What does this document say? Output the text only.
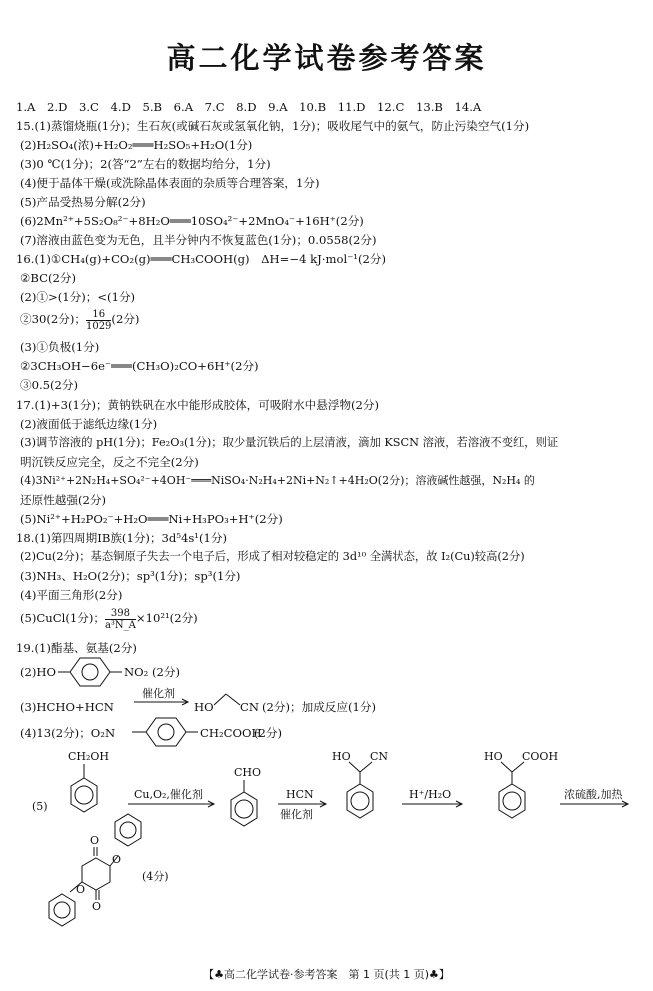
高二化学试卷参考答案
1.A　2.D　3.C　4.D　5.B　6.A　7.C　8.D　9.A　10.B　11.D　12.C　13.B　14.A
15.(1)蒸馏烧瓶(1分)；生石灰(或碱石灰或氢氧化钠，1分)；吸收尾气中的氨气，防止污染空气(1分)
(2)H₂SO₄(浓)+H₂O₂═══H₂SO₅+H₂O(1分)
(3)0 ℃(1分)；2(答“2”左右的数据均给分，1分)
(4)便于晶体干燥(或洗除晶体表面的杂质等合理答案，1分)
(5)产品受热易分解(2分)
(6)2Mn²⁺+5S₂O₈²⁻+8H₂O═══10SO₄²⁻+2MnO₄⁻+16H⁺(2分)
(7)溶液由蓝色变为无色，且半分钟内不恢复蓝色(1分)；0.0558(2分)
16.(1)①CH₄(g)+CO₂(g)═══CH₃COOH(g)　ΔH=−4 kJ·mol⁻¹(2分)
②BC(2分)
(2)①>(1分)；<(1分)
②30(2分)； $\frac{16}{1029} (2$分)
(3)①负极(1分)
②3CH₃OH−6e⁻═══(CH₃O)₂CO+6H⁺(2分)
③0.5(2分)
17.(1)+3(1分)；黄钠铁矾在水中能形成胶体，可吸附水中悬浮物(2分)
(2)液面低于滤纸边缘(1分)
(3)调节溶液的 pH(1分)；Fe₂O₃(1分)；取少量沉铁后的上层清液，滴加 KSCN 溶液，若溶液不变红，则证
明沉铁反应完全，反之不完全(2分)
(4)3Ni²⁺+2N₂H₄+SO₄²⁻+4OH⁻═══NiSO₄·N₂H₄+2Ni+N₂↑+4H₂O(2分)；溶液碱性越强，N₂H₄ 的
还原性越强(2分)
(5)Ni²⁺+H₂PO₂⁻+H₂O═══Ni+H₃PO₃+H⁺(2分)
18.(1)第四周期ⅠB族(1分)；3d⁵4s¹(1分)
(2)Cu(2分)；基态铜原子失去一个电子后，形成了相对较稳定的 3d¹⁰ 全满状态，故 I₂(Cu)较高(2分)
(3)NH₃、H₂O(2分)；sp³(1分)；sp³(1分)
(4)平面三角形(2分)
(5)CuCl(1分)； $\frac{398}{\text{a³N\_A}} \times 10^{21}(2$分)
19.(1)酯基、氨基(2分)
(2)HO	NO₂ (2分)
(3)HCHO+HCN
催化剂
HO CN (2分)；加成反应(1分)
(4)13(2分)；O₂N	CH₂COOH
(2分)
(5)
CH₂OH
Cu,O₂,催化剂
CHO
HCN
催化剂
HO CN
H⁺/H₂O
HO COOH
浓硫酸,加热
O
O
O
O
(4分)
【♣高二化学试卷·参考答案　第 1 页(共 1 页)♣】
